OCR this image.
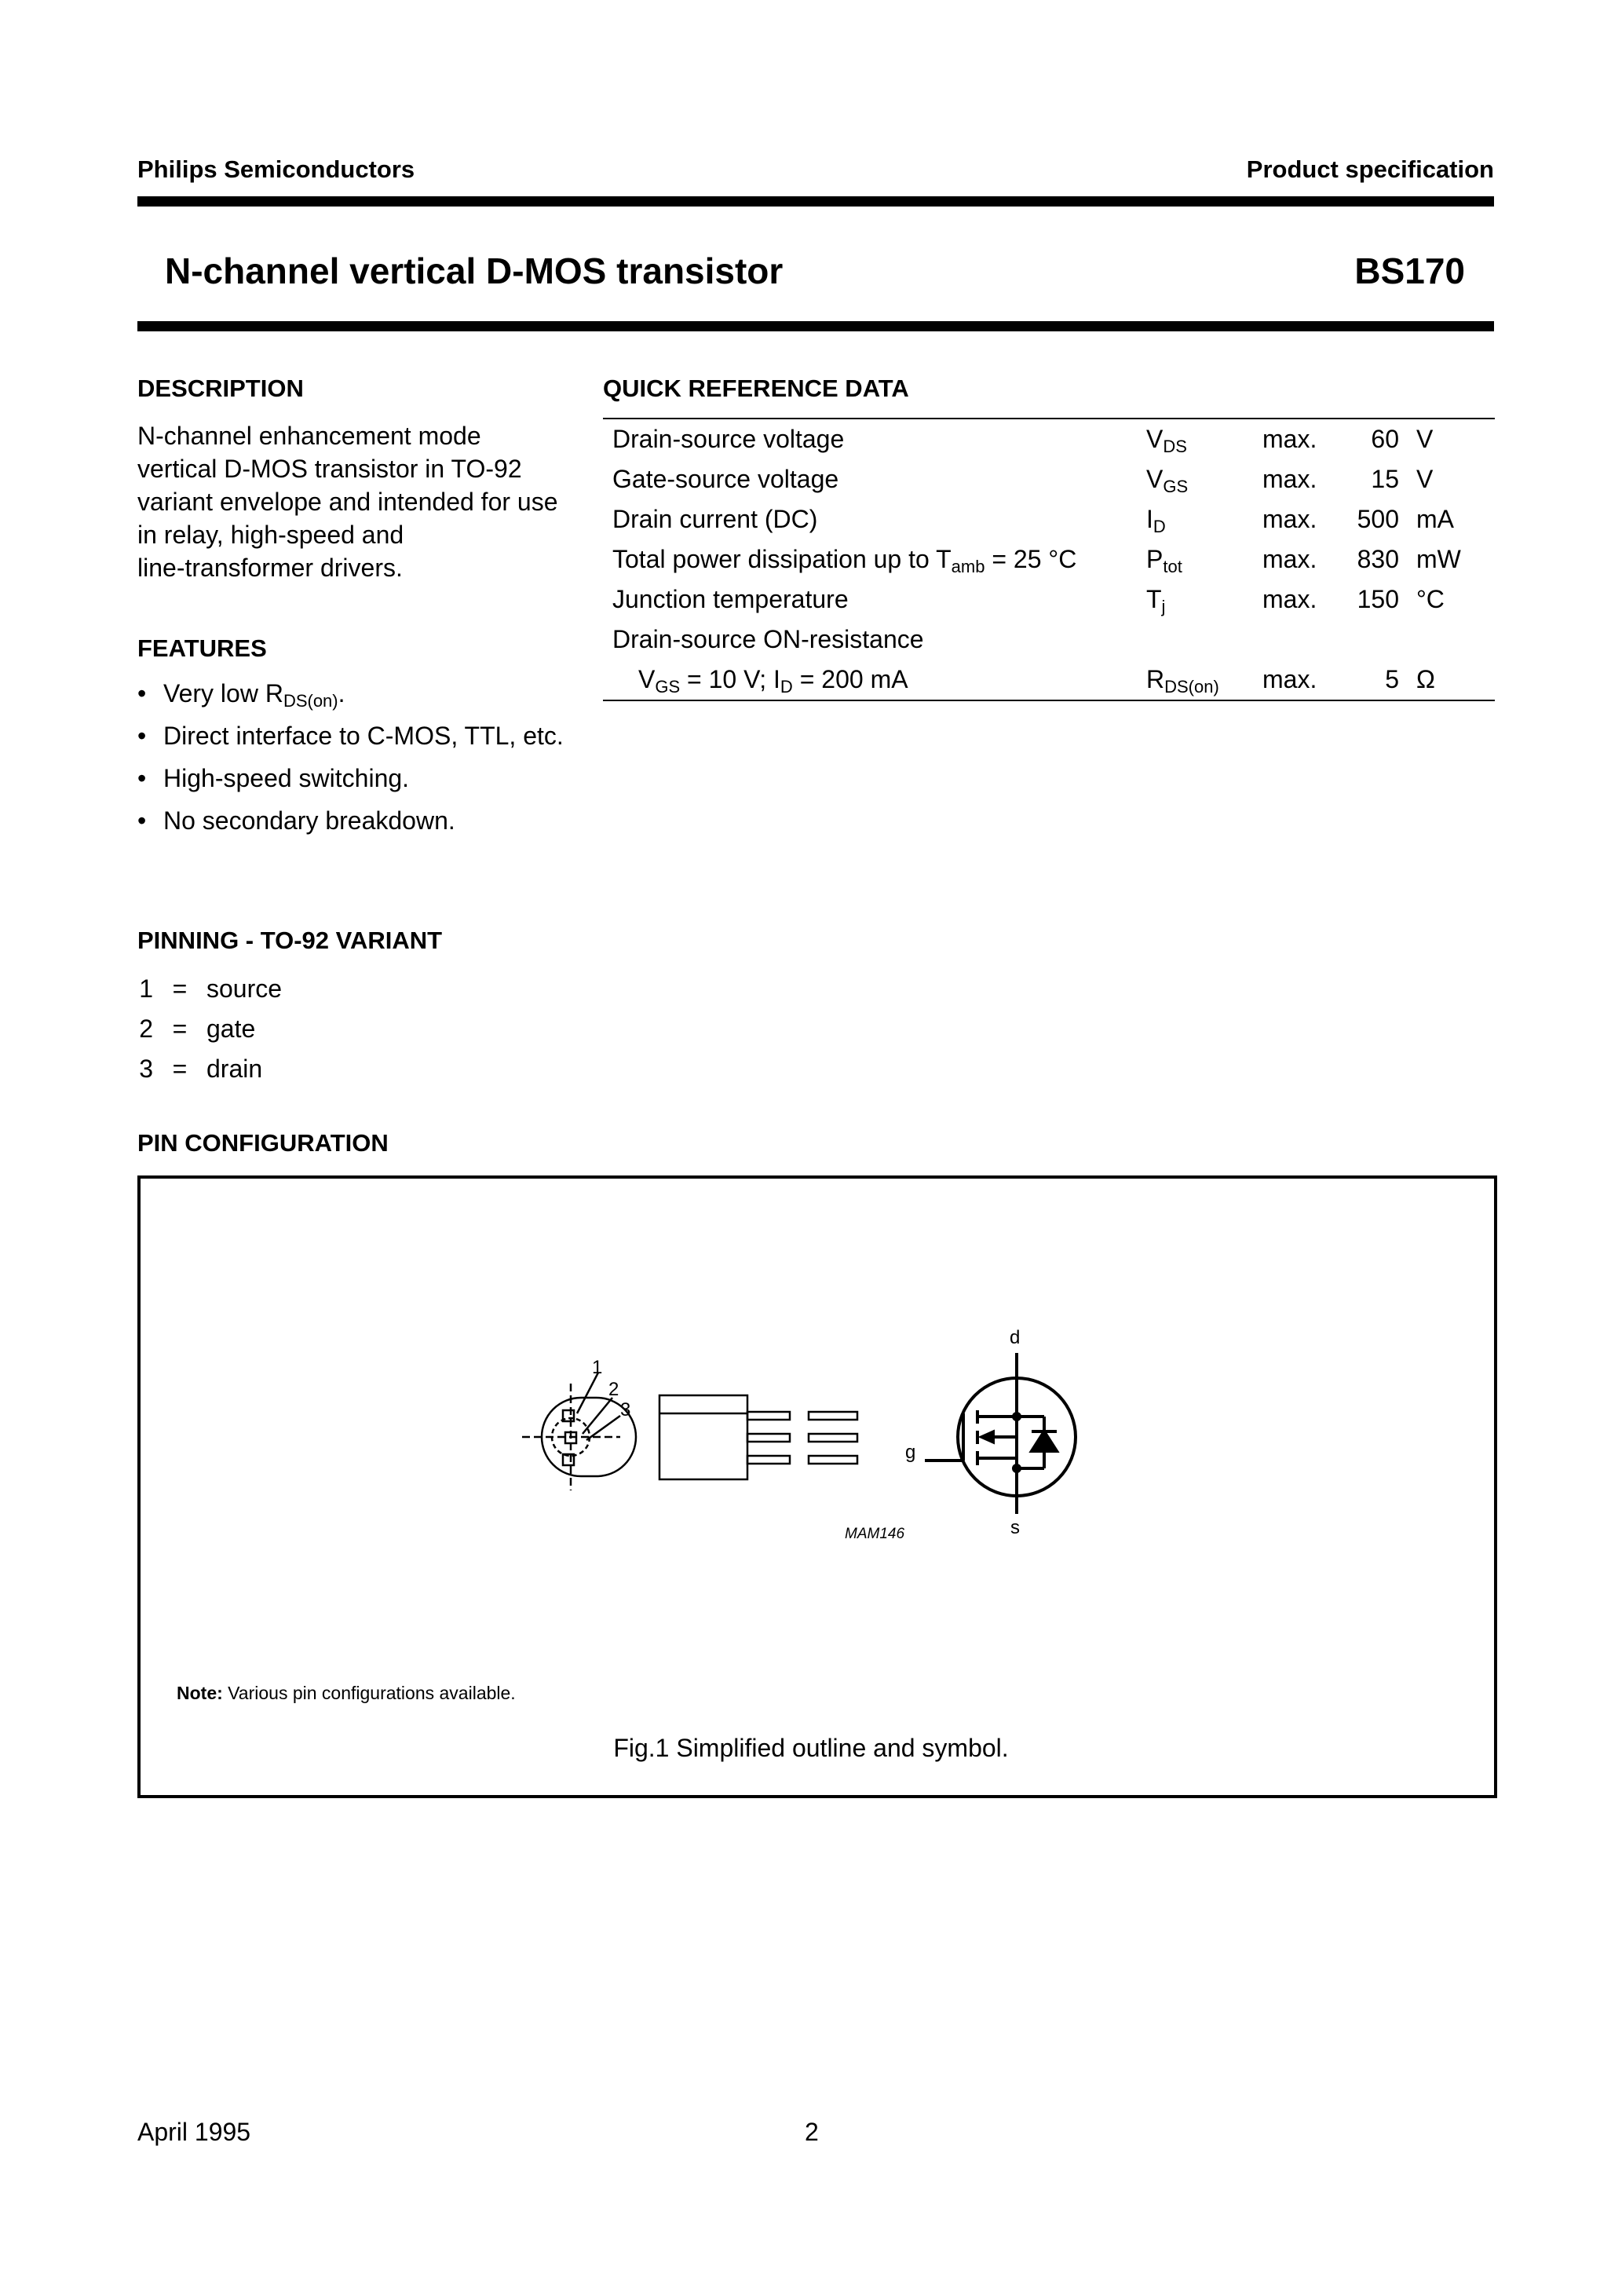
Philips Semiconductors	Product specification
N-channel vertical D-MOS transistor	BS170
DESCRIPTION
N-channel enhancement mode
vertical D-MOS transistor in TO-92
variant envelope and intended for use
in relay, high-speed and
line-transformer drivers.
FEATURES
• Very low $R_{DS(on)}$.
• Direct interface to C-MOS, TTL, etc.
• High-speed switching.
• No secondary breakdown.
PINNING - TO-92 VARIANT
1	=	source
2	=	gate
3	=	drain
QUICK REFERENCE DATA
Drain-source voltage	$V_{DS}$	max.	60	V
Gate-source voltage	$V_{GS}$	max.	15	V
Drain current (DC)	$I_D$	max.	500	mA
Total power dissipation up to $T_{amb} = 25$ °C	$P_{tot}$	max.	830	mW
Junction temperature	$T_j$	max.	150	°C
Drain-source ON-resistance				
$V_{GS} = 10$ V; $I_D = 200$ mA	$R_{DS(on)}$	max.	5	Ω
PIN CONFIGURATION
1
2
3
d
g
s
MAM146
Note: Various pin configurations available.
Fig.1 Simplified outline and symbol.
April 1995	2
